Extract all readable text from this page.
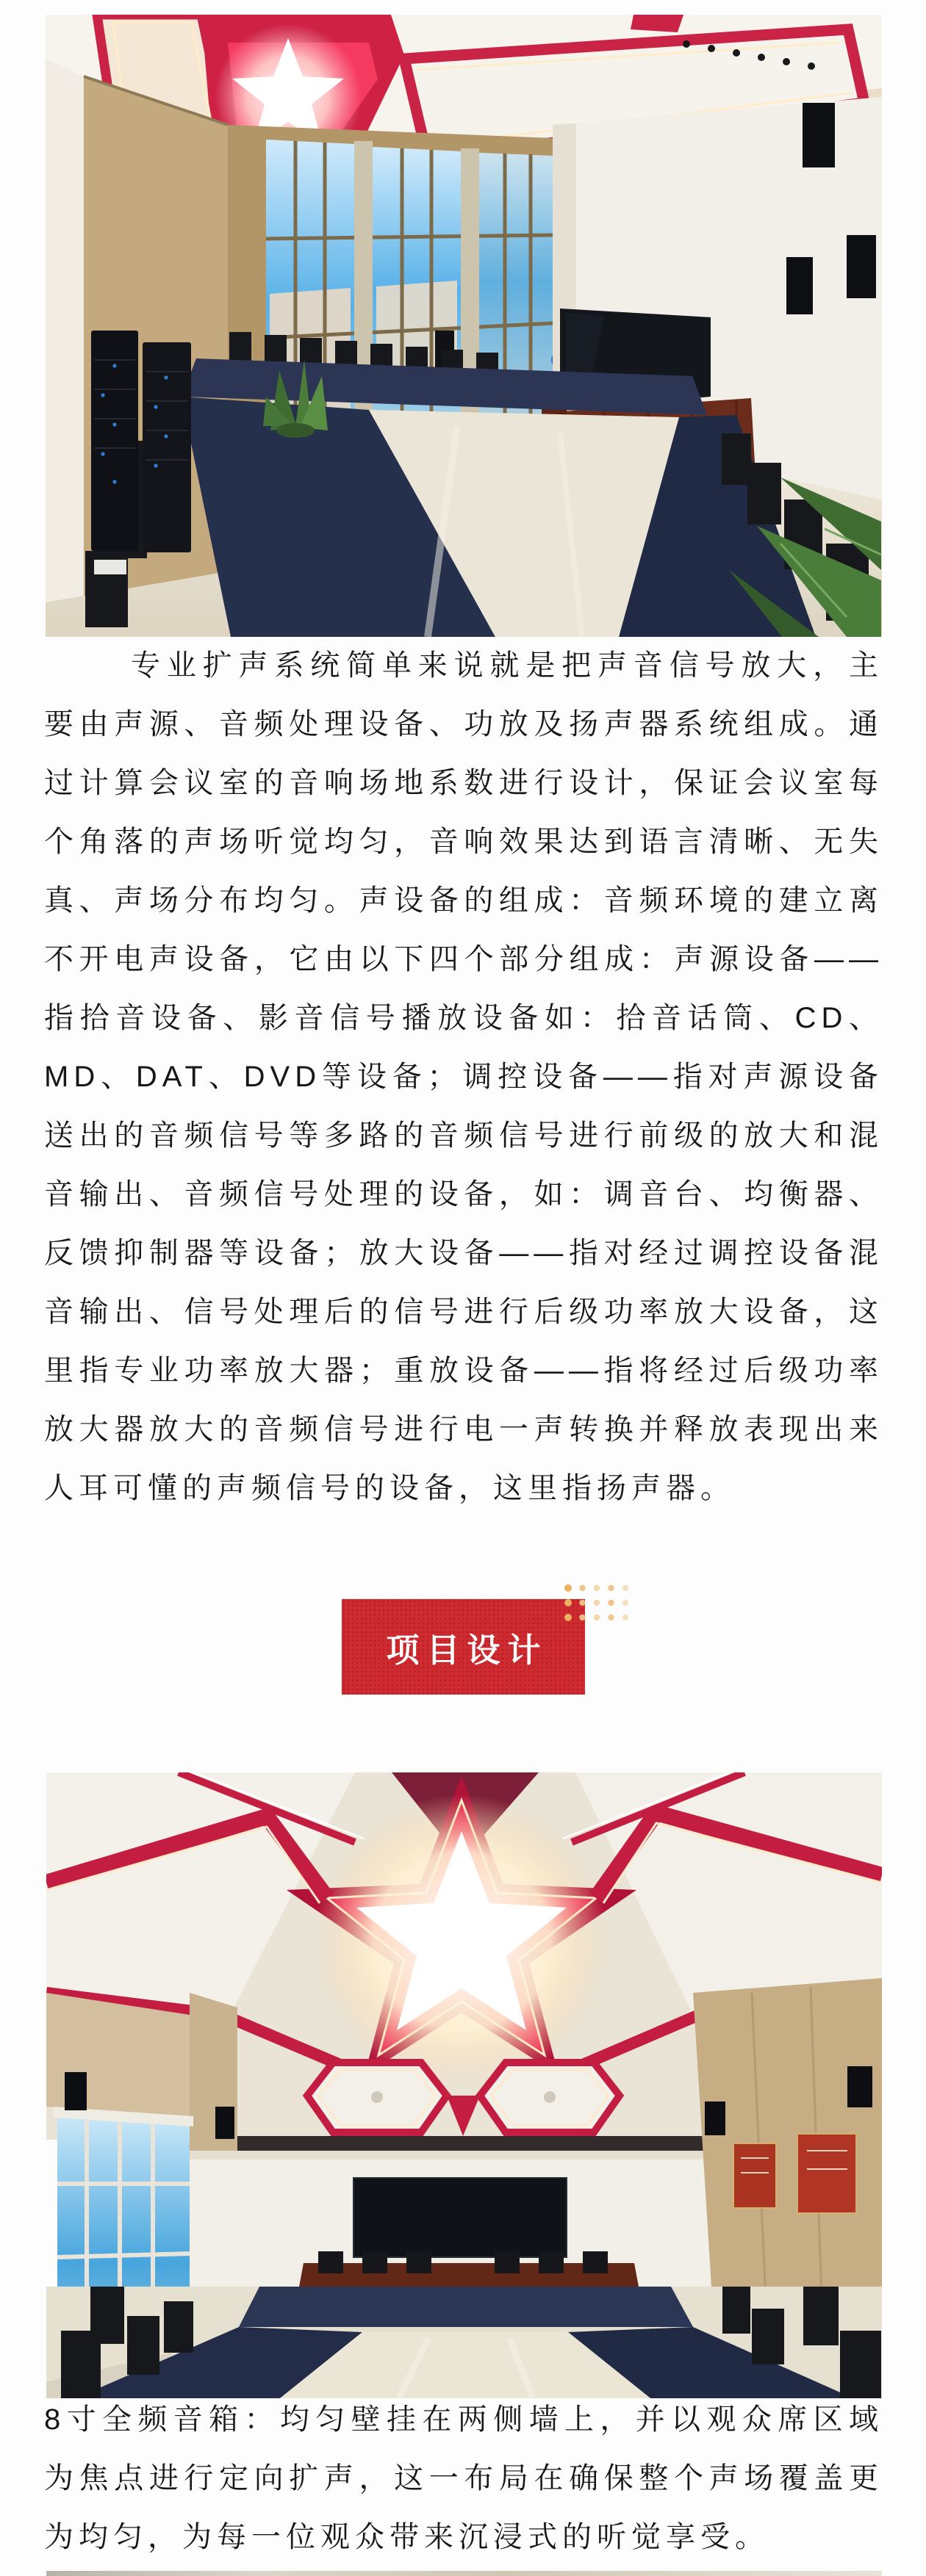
专业扩声系统简单来说就是把声音信号放大，主要由声源、音频处理设备、功放及扬声器系统组成。通过计算会议室的音响场地系数进行设计，保证会议室每个角落的声场听觉均匀，音响效果达到语言清晰、无失真、声场分布均匀。声设备的组成：音频环境的建立离不开电声设备，它由以下四个部分组成：声源设备——指拾音设备、影音信号播放设备如：拾音话筒、CD、MD、DAT、DVD等设备；调控设备——指对声源设备送出的音频信号等多路的音频信号进行前级的放大和混音输出、音频信号处理的设备，如：调音台、均衡器、反馈抑制器等设备；放大设备——指对经过调控设备混音输出、信号处理后的信号进行后级功率放大设备，这里指专业功率放大器；重放设备——指将经过后级功率放大器放大的音频信号进行电一声转换并释放表现出来人耳可懂的声频信号的设备，这里指扬声器。

项目设计

8寸全频音箱：均匀壁挂在两侧墙上，并以观众席区域为焦点进行定向扩声，这一布局在确保整个声场覆盖更为均匀，为每一位观众带来沉浸式的听觉享受。
